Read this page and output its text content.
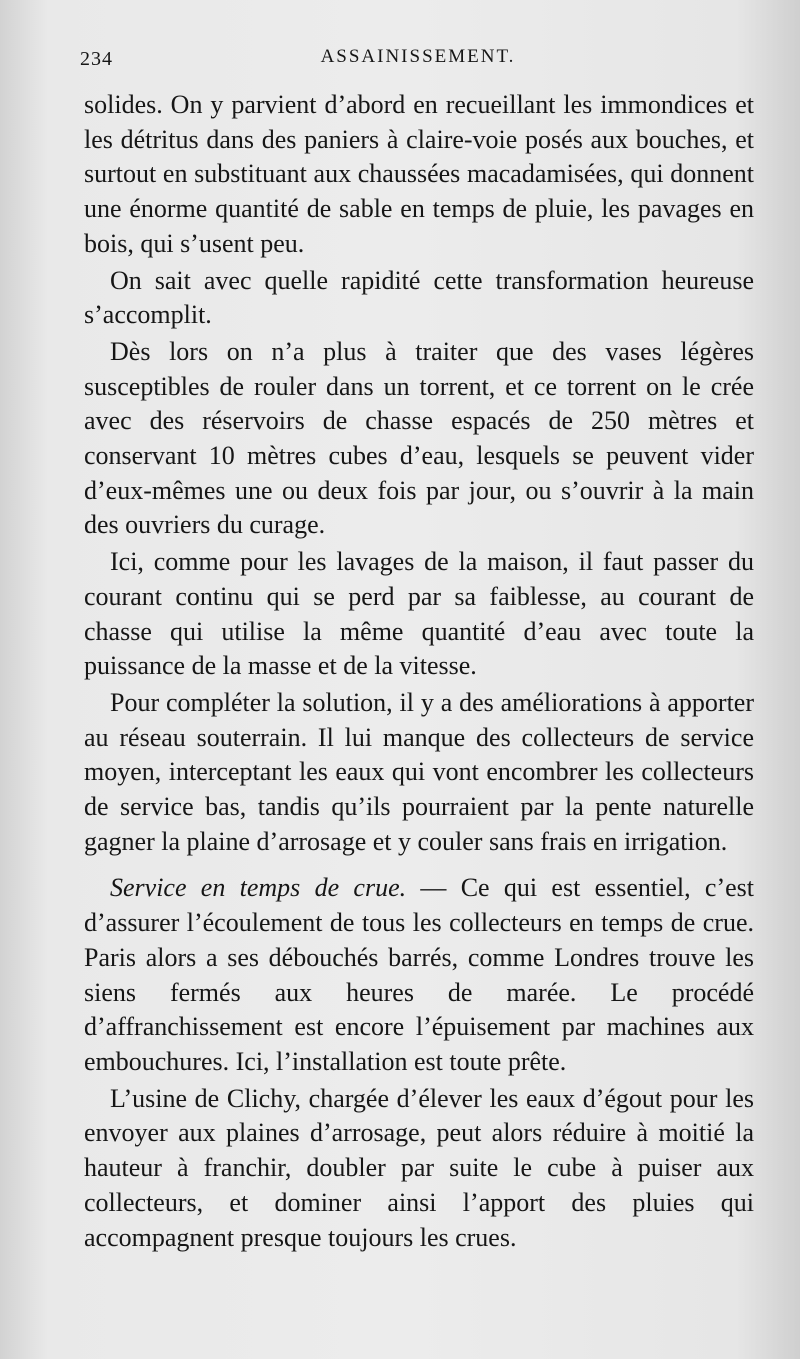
234	ASSAINISSEMENT.

solides. On y parvient d’abord en recueillant les immondices et les détritus dans des paniers à claire-voie posés aux bouches, et surtout en substituant aux chaussées macadamisées, qui donnent une énorme quantité de sable en temps de pluie, les pavages en bois, qui s’usent peu.

On sait avec quelle rapidité cette transformation heureuse s’accomplit.

Dès lors on n’a plus à traiter que des vases légères susceptibles de rouler dans un torrent, et ce torrent on le crée avec des réservoirs de chasse espacés de 250 mètres et conservant 10 mètres cubes d’eau, lesquels se peuvent vider d’eux-mêmes une ou deux fois par jour, ou s’ouvrir à la main des ouvriers du curage.

Ici, comme pour les lavages de la maison, il faut passer du courant continu qui se perd par sa faiblesse, au courant de chasse qui utilise la même quantité d’eau avec toute la puissance de la masse et de la vitesse.

Pour compléter la solution, il y a des améliorations à apporter au réseau souterrain. Il lui manque des collecteurs de service moyen, interceptant les eaux qui vont encombrer les collecteurs de service bas, tandis qu’ils pourraient par la pente naturelle gagner la plaine d’arrosage et y couler sans frais en irrigation.

Service en temps de crue. — Ce qui est essentiel, c’est d’assurer l’écoulement de tous les collecteurs en temps de crue. Paris alors a ses débouchés barrés, comme Londres trouve les siens fermés aux heures de marée. Le procédé d’affranchissement est encore l’épuisement par machines aux embouchures. Ici, l’installation est toute prête.

L’usine de Clichy, chargée d’élever les eaux d’égout pour les envoyer aux plaines d’arrosage, peut alors réduire à moitié la hauteur à franchir, doubler par suite le cube à puiser aux collecteurs, et dominer ainsi l’apport des pluies qui accompagnent presque toujours les crues.
